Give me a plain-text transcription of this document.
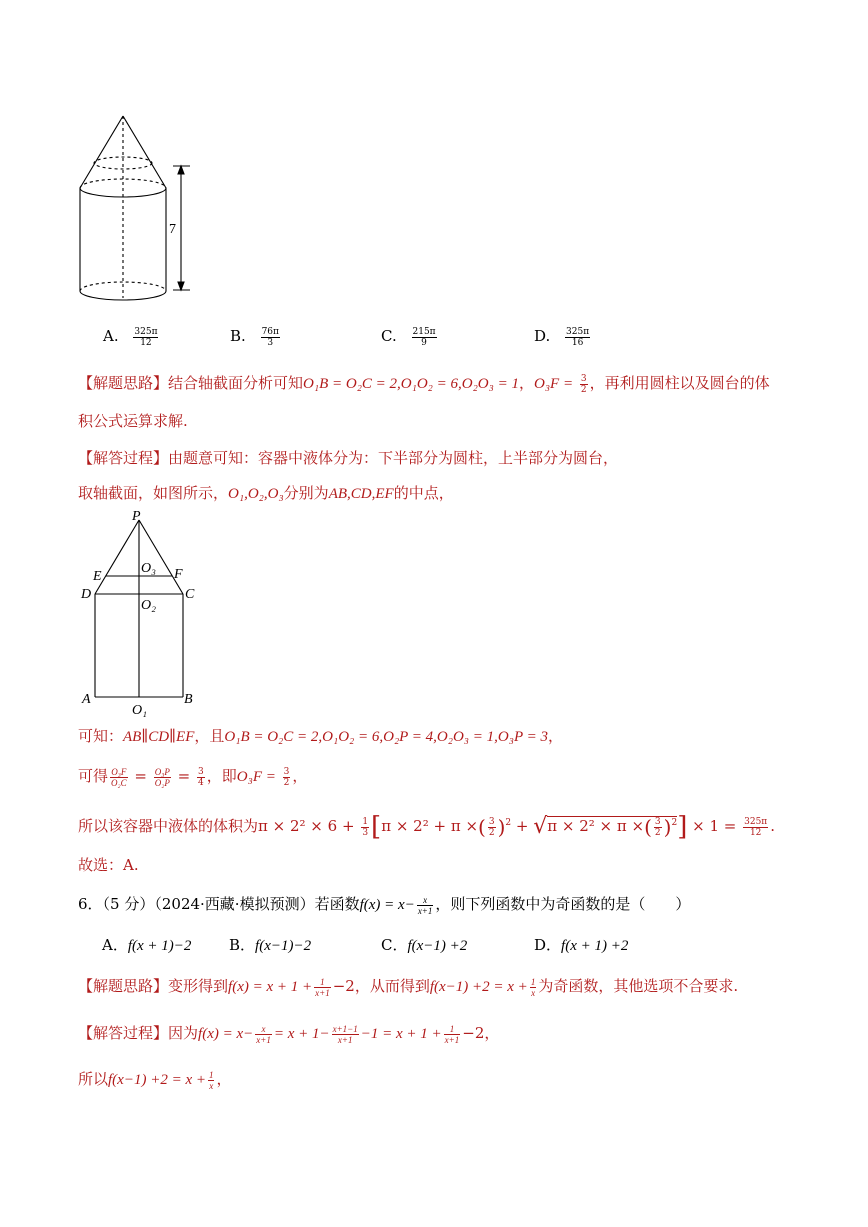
7
A. $\frac{325\pi}{12}$	B. $\frac{76\pi}{3}$	C. $\frac{215\pi}{9}$	D. $\frac{325\pi}{16}$
【解题思路】结合轴截面分析可知O₁B = O₂C = 2,O₁O₂ = 6,O₂O₃ = 1，$O_3F = \frac{3}{2}$ ，再利用圆柱以及圆台的体
积公式运算求解.
【解答过程】由题意可知：容器中液体分为：下半部分为圆柱，上半部分为圆台，
取轴截面，如图所示，O₁,O₂,O₃分别为AB,CD,EF的中点，
P
O₃
E	F
D	C
O₂
A	B
O₁
可知：AB∥CD∥EF，且O₁B = O₂C = 2,O₁O₂ = 6,O₂P = 4,O₂O₃ = 1,O₃P = 3，
可得 $\frac{\text{O₃F}}{\text{O₂C}} = \frac{\text{O₃P}}{\text{O₂P}} = \frac{3}{4}$ ，即$O_3F = \frac{3}{2}$ ，
所以该容器中液体的体积为$\pi \times 2^2 \times 6 + \frac{1}{3} [\pi \times 2^2 + \pi$ ×( $\frac{3}{2} )^2 + √\pi \times 2^2 \times \pi$ ×( $\frac{3}{2} )^2] \times 1 = \frac{325\pi}{12}$ .
故选：A.
6．（5 分）（2024·西藏·模拟预测）若函数$f(x) = x- \frac{x}{x+1}$ ，则下列函数中为奇函数的是（　　）
A．f(x + 1)−2	B．f(x−1)−2	C．f(x−1) +2	D．f(x + 1) +2
【解题思路】变形得到$f(x) = x + 1 + \frac{1}{x+1} -2$，从而得到$f(x-1) +2 = x + \frac{1}{x}$ 为奇函数，其他选项不合要求.
【解答过程】因为$f(x) = x- \frac{x}{x+1} = x + 1- \frac{x+1-1}{x+1} -1 = x + 1 + \frac{1}{x+1} -2$，
所以$f(x-1) +2 = x + \frac{1}{x}$ ，
